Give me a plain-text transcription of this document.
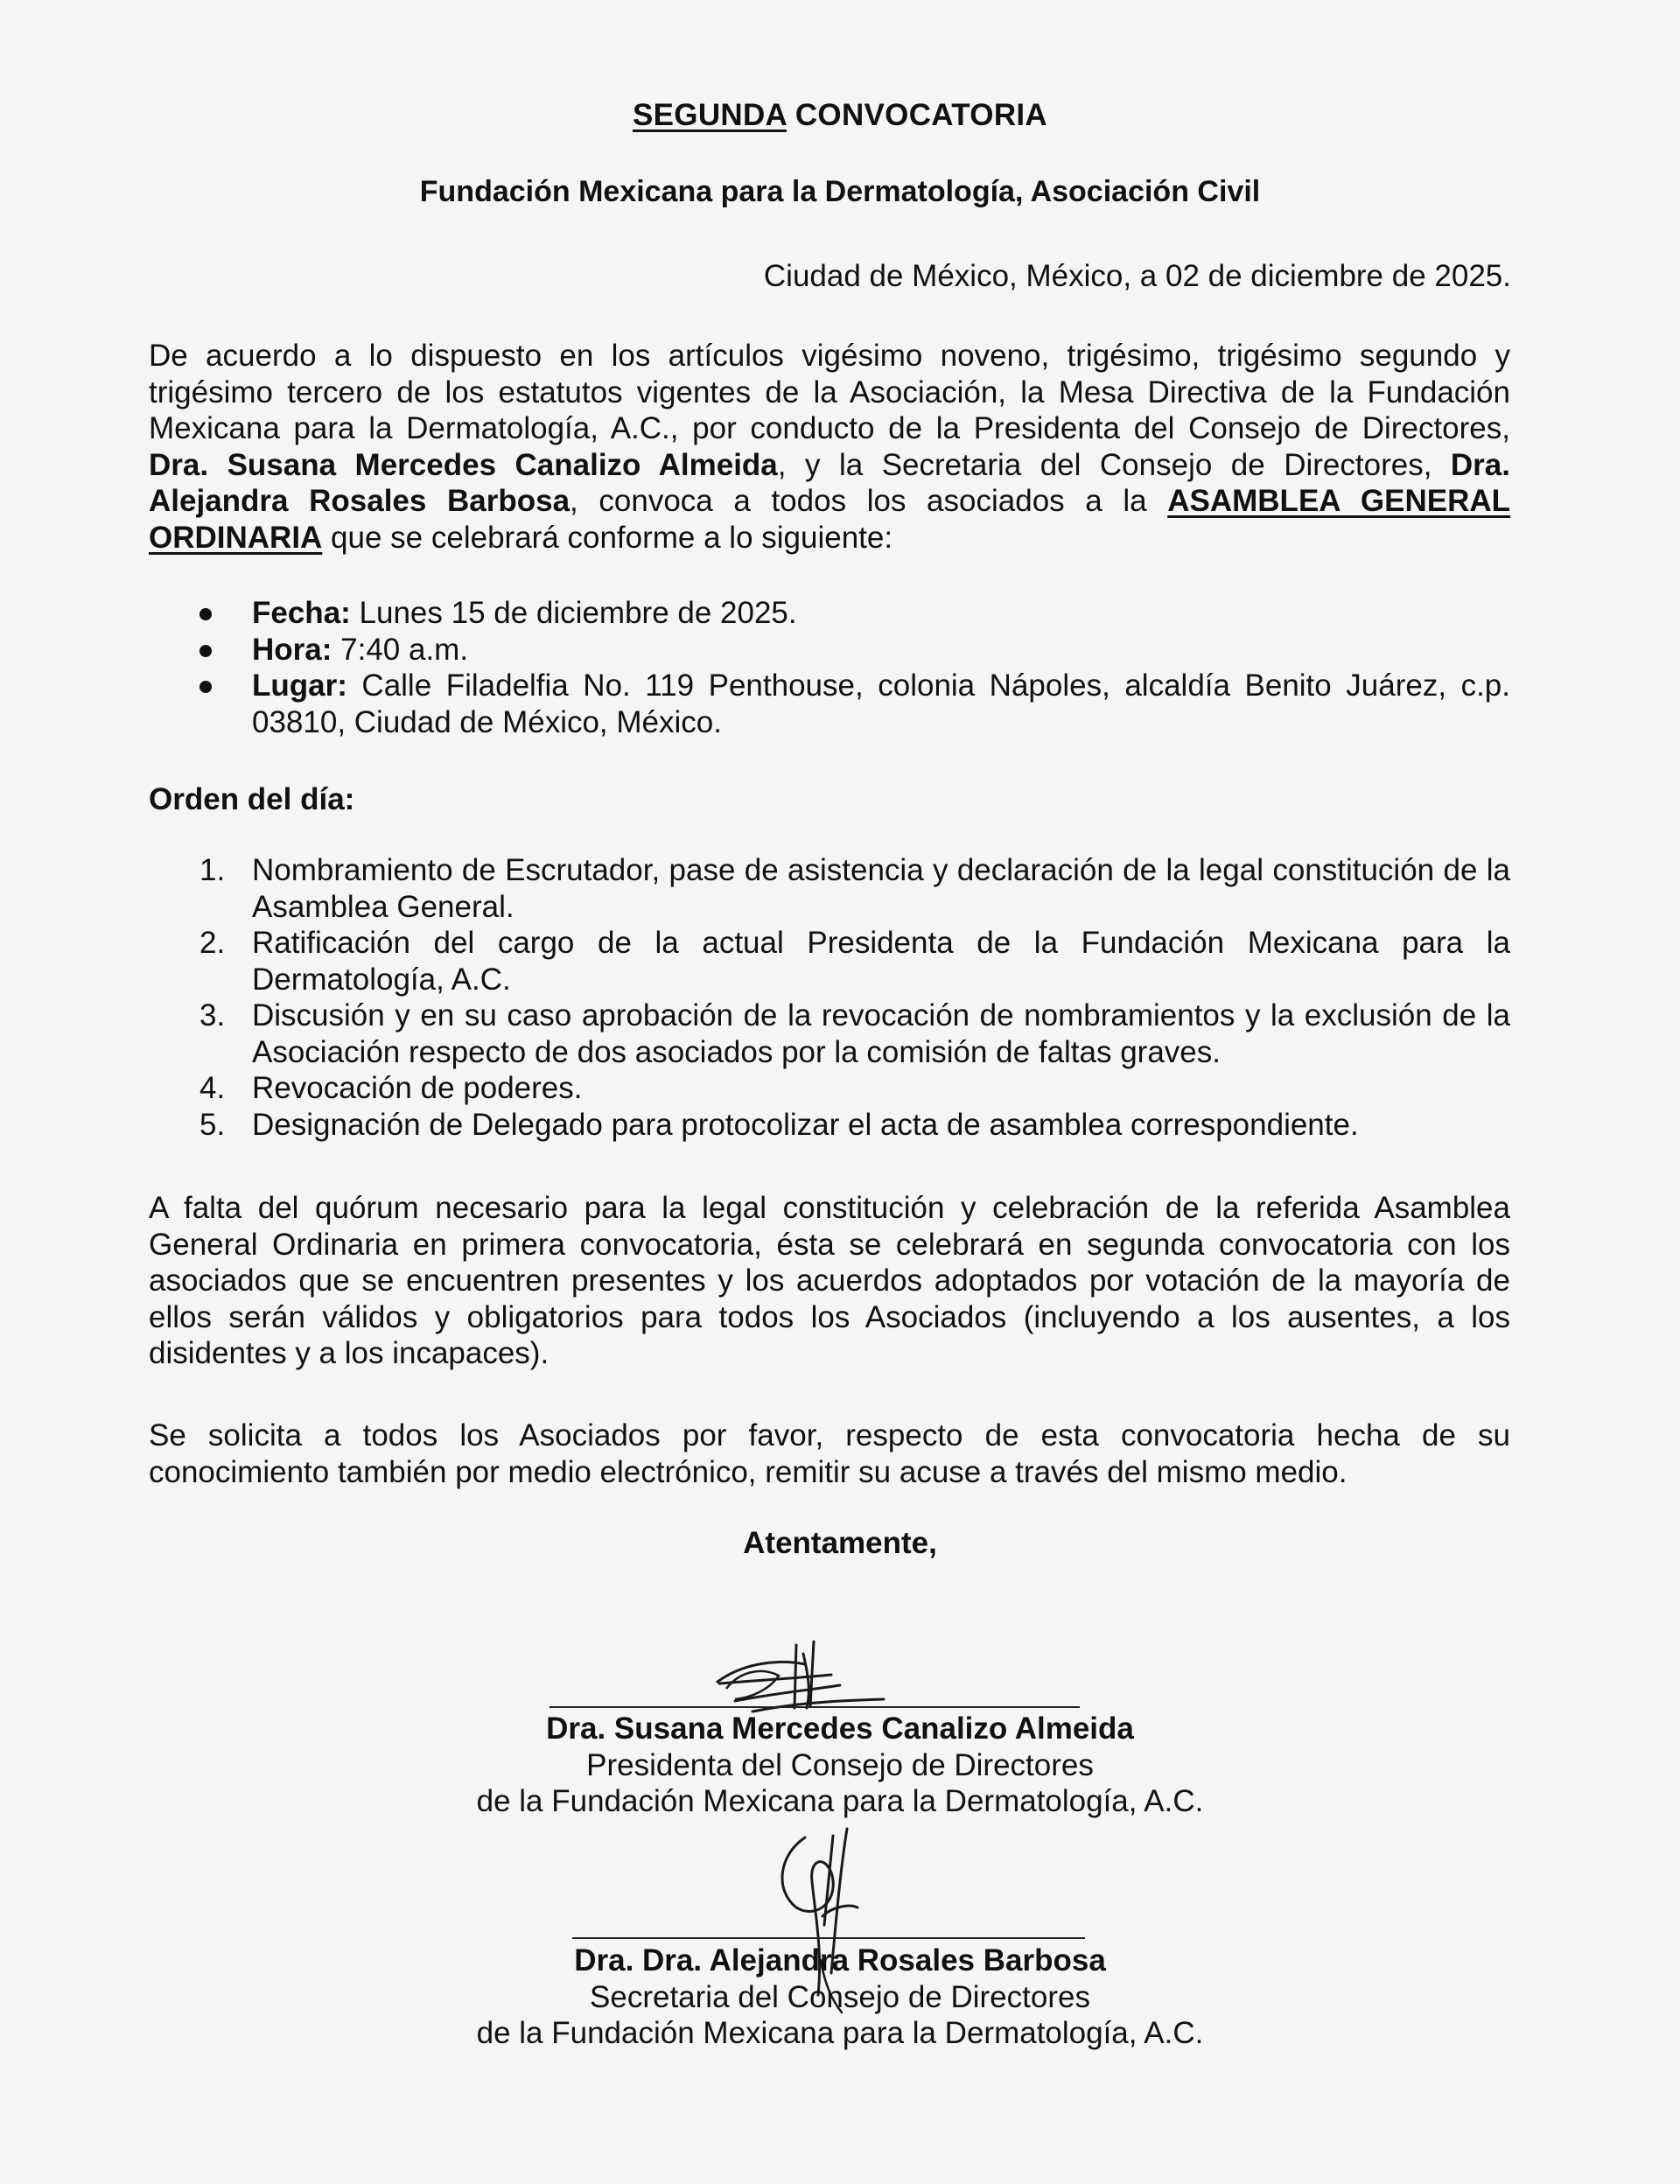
SEGUNDA CONVOCATORIA
Fundación Mexicana para la Dermatología, Asociación Civil
Ciudad de México, México, a 02 de diciembre de 2025.
De acuerdo a lo dispuesto en los artículos vigésimo noveno, trigésimo, trigésimo segundo y trigésimo tercero de los estatutos vigentes de la Asociación, la Mesa Directiva de la Fundación Mexicana para la Dermatología, A.C., por conducto de la Presidenta del Consejo de Directores, Dra. Susana Mercedes Canalizo Almeida, y la Secretaria del Consejo de Directores, Dra. Alejandra Rosales Barbosa, convoca a todos los asociados a la ASAMBLEA GENERAL ORDINARIA que se celebrará conforme a lo siguiente:
Fecha: Lunes 15 de diciembre de 2025.
Hora: 7:40 a.m.
Lugar: Calle Filadelfia No. 119 Penthouse, colonia Nápoles, alcaldía Benito Juárez, c.p. 03810, Ciudad de México, México.
Orden del día:
1. Nombramiento de Escrutador, pase de asistencia y declaración de la legal constitución de la Asamblea General.
2. Ratificación del cargo de la actual Presidenta de la Fundación Mexicana para la Dermatología, A.C.
3. Discusión y en su caso aprobación de la revocación de nombramientos y la exclusión de la Asociación respecto de dos asociados por la comisión de faltas graves.
4. Revocación de poderes.
5. Designación de Delegado para protocolizar el acta de asamblea correspondiente.
A falta del quórum necesario para la legal constitución y celebración de la referida Asamblea General Ordinaria en primera convocatoria, ésta se celebrará en segunda convocatoria con los asociados que se encuentren presentes y los acuerdos adoptados por votación de la mayoría de ellos serán válidos y obligatorios para todos los Asociados (incluyendo a los ausentes, a los disidentes y a los incapaces).
Se solicita a todos los Asociados por favor, respecto de esta convocatoria hecha de su conocimiento también por medio electrónico, remitir su acuse a través del mismo medio.
Atentamente,
Dra. Susana Mercedes Canalizo Almeida
Presidenta del Consejo de Directores
de la Fundación Mexicana para la Dermatología, A.C.
Dra. Dra. Alejandra Rosales Barbosa
Secretaria del Consejo de Directores
de la Fundación Mexicana para la Dermatología, A.C.
